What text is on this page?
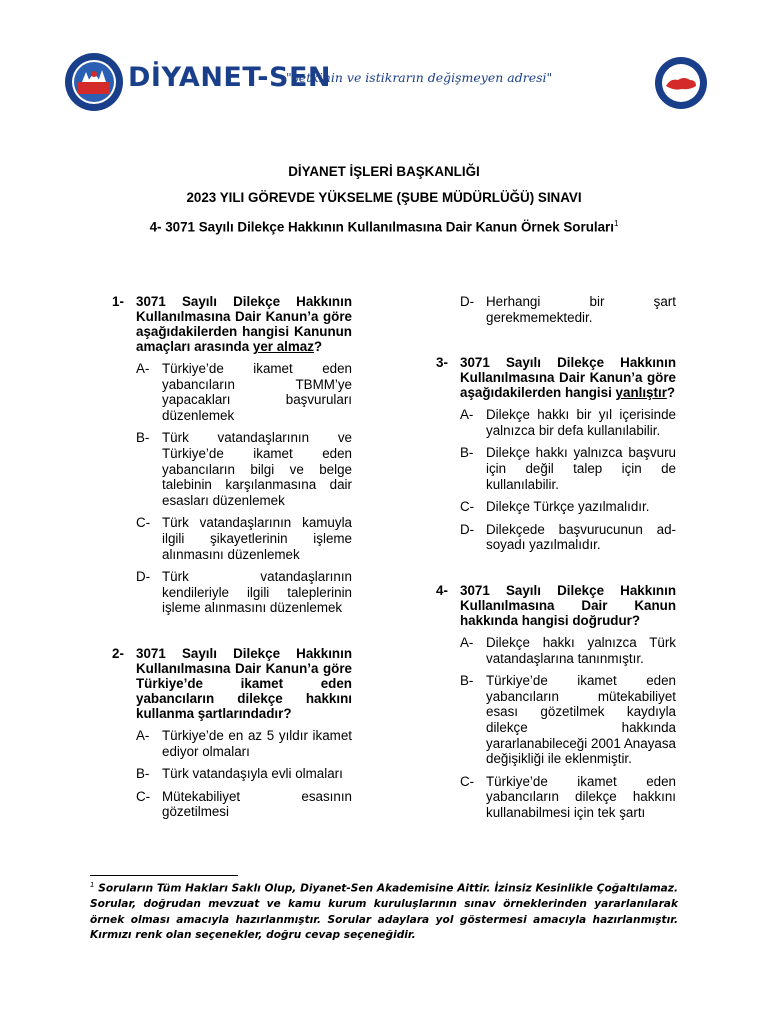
DİYANET-SEN
"yetkinin ve istikrarın değişmeyen adresi"
DİYANET İŞLERİ BAŞKANLIĞI
2023 YILI GÖREVDE YÜKSELME (ŞUBE MÜDÜRLÜĞÜ) SINAVI
4- 3071 Sayılı Dilekçe Hakkının Kullanılmasına Dair Kanun Örnek Soruları$^1$
1- 3071 Sayılı Dilekçe Hakkının Kullanılmasına Dair Kanun’a göre aşağıdakilerden hangisi Kanunun amaçları arasında yer almaz?
A- Türkiye’de ikamet eden yabancıların TBMM’ye yapacakları başvuruları düzenlemek
B- Türk vatandaşlarının ve Türkiye’de ikamet eden yabancıların bilgi ve belge talebinin karşılanmasına dair esasları düzenlemek
C- Türk vatandaşlarının kamuyla ilgili şikayetlerinin işleme alınmasını düzenlemek
D- Türk vatandaşlarının kendileriyle ilgili taleplerinin işleme alınmasını düzenlemek
2- 3071 Sayılı Dilekçe Hakkının Kullanılmasına Dair Kanun’a göre Türkiye’de ikamet eden yabancıların dilekçe hakkını kullanma şartlarındadır?
A- Türkiye’de en az 5 yıldır ikamet ediyor olmaları
B- Türk vatandaşıyla evli olmaları
C- Mütekabiliyet esasının gözetilmesi
D- Herhangi bir şart gerekmemektedir.
3- 3071 Sayılı Dilekçe Hakkının Kullanılmasına Dair Kanun’a göre aşağıdakilerden hangisi yanlıştır?
A- Dilekçe hakkı bir yıl içerisinde yalnızca bir defa kullanılabilir.
B- Dilekçe hakkı yalnızca başvuru için değil talep için de kullanılabilir.
C- Dilekçe Türkçe yazılmalıdır.
D- Dilekçede başvurucunun ad-soyadı yazılmalıdır.
4- 3071 Sayılı Dilekçe Hakkının Kullanılmasına Dair Kanun hakkında hangisi doğrudur?
A- Dilekçe hakkı yalnızca Türk vatandaşlarına tanınmıştır.
B- Türkiye’de ikamet eden yabancıların mütekabiliyet esası gözetilmek kaydıyla dilekçe hakkında yararlanabileceği 2001 Anayasa değişikliği ile eklenmiştir.
C- Türkiye’de ikamet eden yabancıların dilekçe hakkını kullanabilmesi için tek şartı
$^1$ Soruların Tüm Hakları Saklı Olup, Diyanet-Sen Akademisine Aittir. İzinsiz Kesinlikle Çoğaltılamaz. Sorular, doğrudan mevzuat ve kamu kurum kuruluşlarının sınav örneklerinden yararlanılarak örnek olması amacıyla hazırlanmıştır. Sorular adaylara yol göstermesi amacıyla hazırlanmıştır. Kırmızı renk olan seçenekler, doğru cevap seçeneğidir.
